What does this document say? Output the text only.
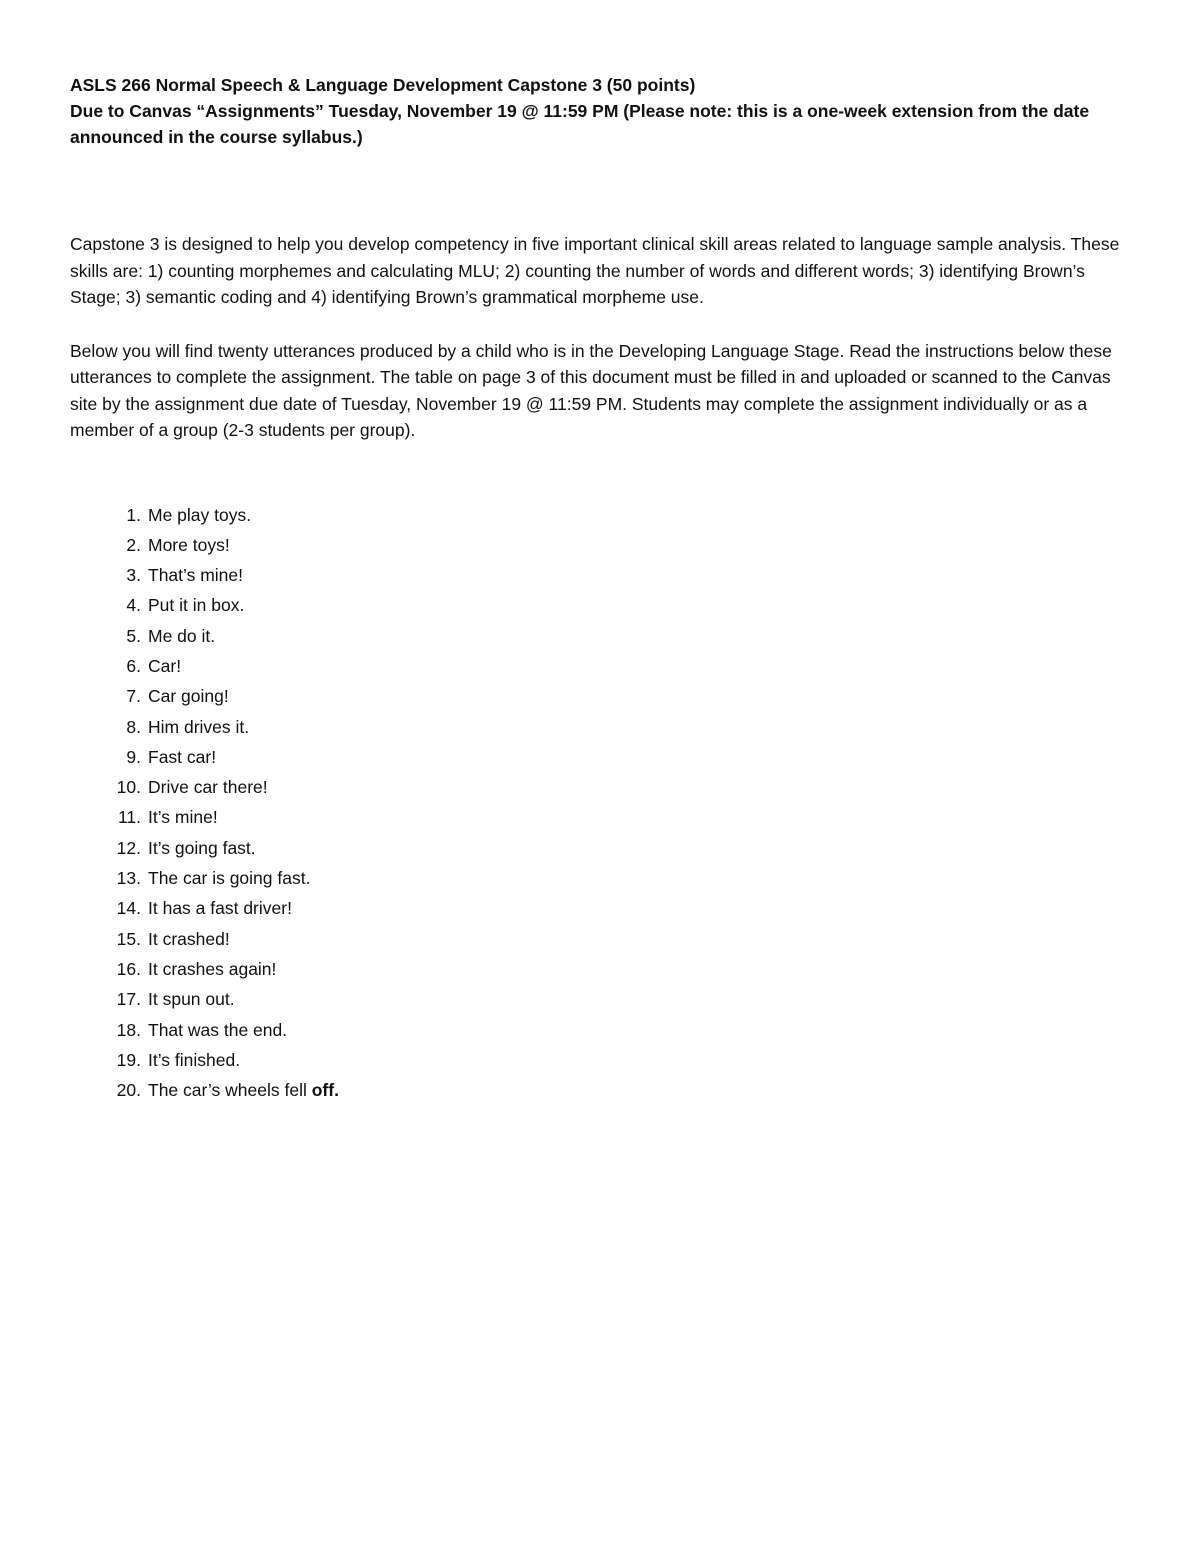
ASLS 266 Normal Speech & Language Development Capstone 3 (50 points)

Due to Canvas “Assignments” Tuesday, November 19 @ 11:59 PM (Please note: this is a one-week extension from the date announced in the course syllabus.)

Capstone 3 is designed to help you develop competency in five important clinical skill areas related to language sample analysis. These skills are: 1) counting morphemes and calculating MLU; 2) counting the number of words and different words; 3) identifying Brown’s Stage; 3) semantic coding and 4) identifying Brown’s grammatical morpheme use.

Below you will find twenty utterances produced by a child who is in the Developing Language Stage. Read the instructions below these utterances to complete the assignment. The table on page 3 of this document must be filled in and uploaded or scanned to the Canvas site by the assignment due date of Tuesday, November 19 @ 11:59 PM. Students may complete the assignment individually or as a member of a group (2-3 students per group).

1. Me play toys.
2. More toys!
3. That’s mine!
4. Put it in box.
5. Me do it.
6. Car!
7. Car going!
8. Him drives it.
9. Fast car!
10. Drive car there!
11. It’s mine!
12. It’s going fast.
13. The car is going fast.
14. It has a fast driver!
15. It crashed!
16. It crashes again!
17. It spun out.
18. That was the end.
19. It’s finished.
20. The car’s wheels fell off.
